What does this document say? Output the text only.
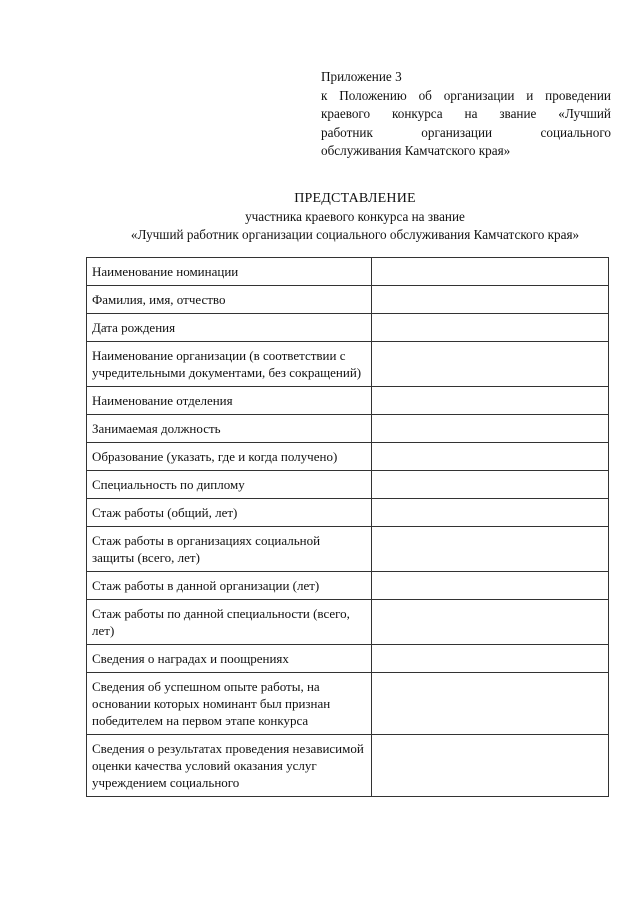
Приложение 3
к Положению об организации и проведении
краевого конкурса на звание «Лучший
работник организации социального
обслуживания Камчатского края»
ПРЕДСТАВЛЕНИЕ
участника краевого конкурса на звание
«Лучший работник организации социального обслуживания Камчатского края»
Наименование номинации	
Фамилия, имя, отчество	
Дата рождения	
Наименование организации (в соответствии с учредительными документами, без сокращений)	
Наименование отделения	
Занимаемая должность	
Образование (указать, где и когда получено)	
Специальность по диплому	
Стаж работы (общий, лет)	
Стаж работы в организациях социальной защиты (всего, лет)	
Стаж работы в данной организации (лет)	
Стаж работы по данной специальности (всего, лет)	
Сведения о наградах и поощрениях	
Сведения об успешном опыте работы, на основании которых номинант был признан победителем на первом этапе конкурса	
Сведения о результатах проведения независимой оценки качества условий оказания услуг учреждением социального	
